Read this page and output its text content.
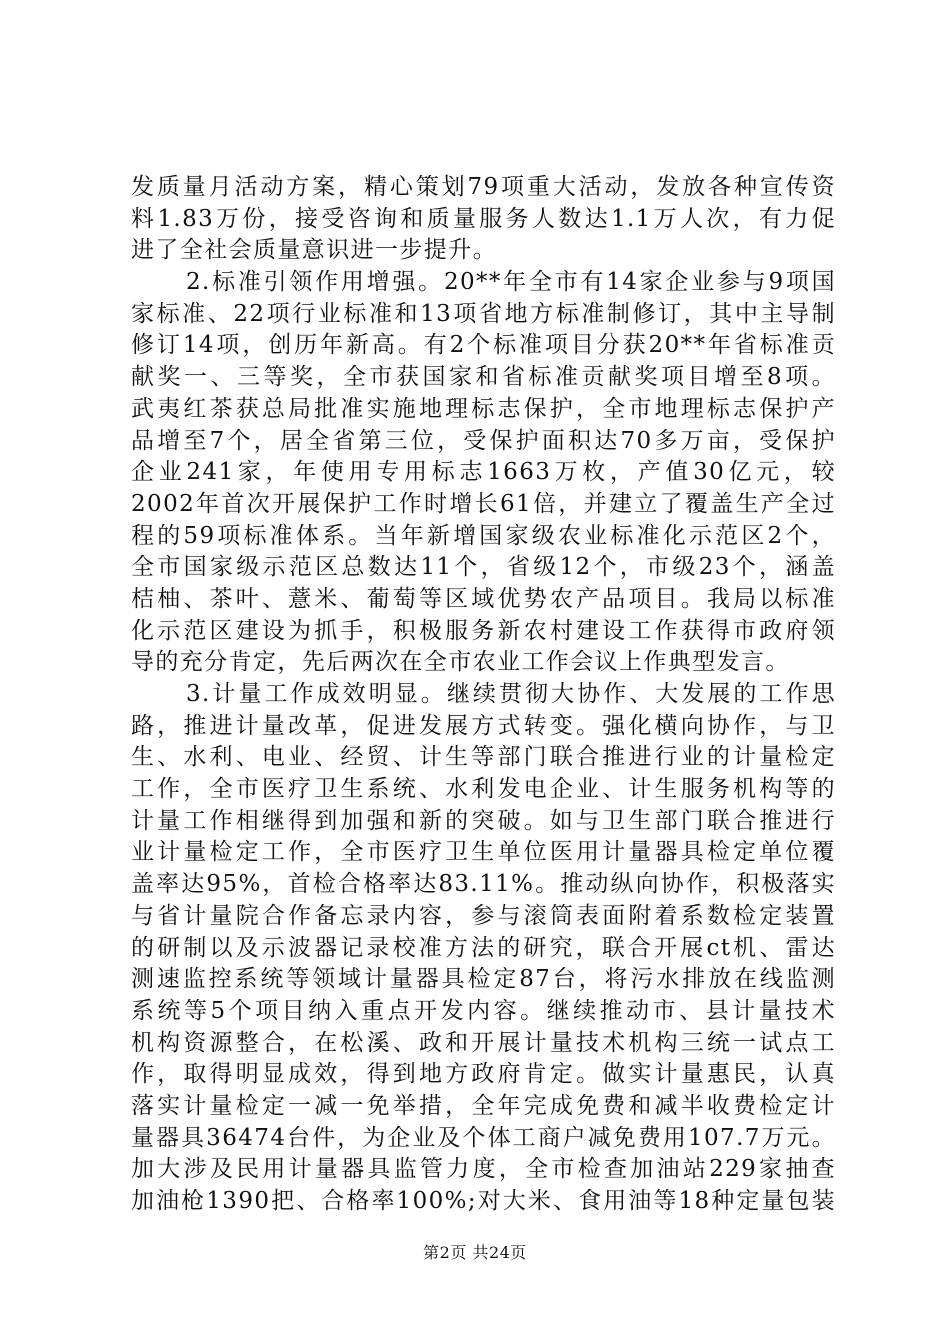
发质量月活动方案，精心策划79项重大活动，发放各种宣传资
料1.83万份，接受咨询和质量服务人数达1.1万人次，有力促
进了全社会质量意识进一步提升。
2.标准引领作用增强。20**年全市有14家企业参与9项国
家标准、22项行业标准和13项省地方标准制修订，其中主导制
修订14项，创历年新高。有2个标准项目分获20**年省标准贡
献奖一、三等奖，全市获国家和省标准贡献奖项目增至8项。
武夷红茶获总局批准实施地理标志保护，全市地理标志保护产
品增至7个，居全省第三位，受保护面积达70多万亩，受保护
企业241家，年使用专用标志1663万枚，产值30亿元，较
2002年首次开展保护工作时增长61倍，并建立了覆盖生产全过
程的59项标准体系。当年新增国家级农业标准化示范区2个，
全市国家级示范区总数达11个，省级12个，市级23个，涵盖
桔柚、茶叶、薏米、葡萄等区域优势农产品项目。我局以标准
化示范区建设为抓手，积极服务新农村建设工作获得市政府领
导的充分肯定，先后两次在全市农业工作会议上作典型发言。
3.计量工作成效明显。继续贯彻大协作、大发展的工作思
路，推进计量改革，促进发展方式转变。强化横向协作，与卫
生、水利、电业、经贸、计生等部门联合推进行业的计量检定
工作，全市医疗卫生系统、水利发电企业、计生服务机构等的
计量工作相继得到加强和新的突破。如与卫生部门联合推进行
业计量检定工作，全市医疗卫生单位医用计量器具检定单位覆
盖率达95%，首检合格率达83.11%。推动纵向协作，积极落实
与省计量院合作备忘录内容，参与滚筒表面附着系数检定装置
的研制以及示波器记录校准方法的研究，联合开展ct机、雷达
测速监控系统等领域计量器具检定87台，将污水排放在线监测
系统等5个项目纳入重点开发内容。继续推动市、县计量技术
机构资源整合，在松溪、政和开展计量技术机构三统一试点工
作，取得明显成效，得到地方政府肯定。做实计量惠民，认真
落实计量检定一减一免举措，全年完成免费和减半收费检定计
量器具36474台件，为企业及个体工商户减免费用107.7万元。
加大涉及民用计量器具监管力度，全市检查加油站229家抽查
加油枪1390把、合格率100%;对大米、食用油等18种定量包装
第2页 共24页
